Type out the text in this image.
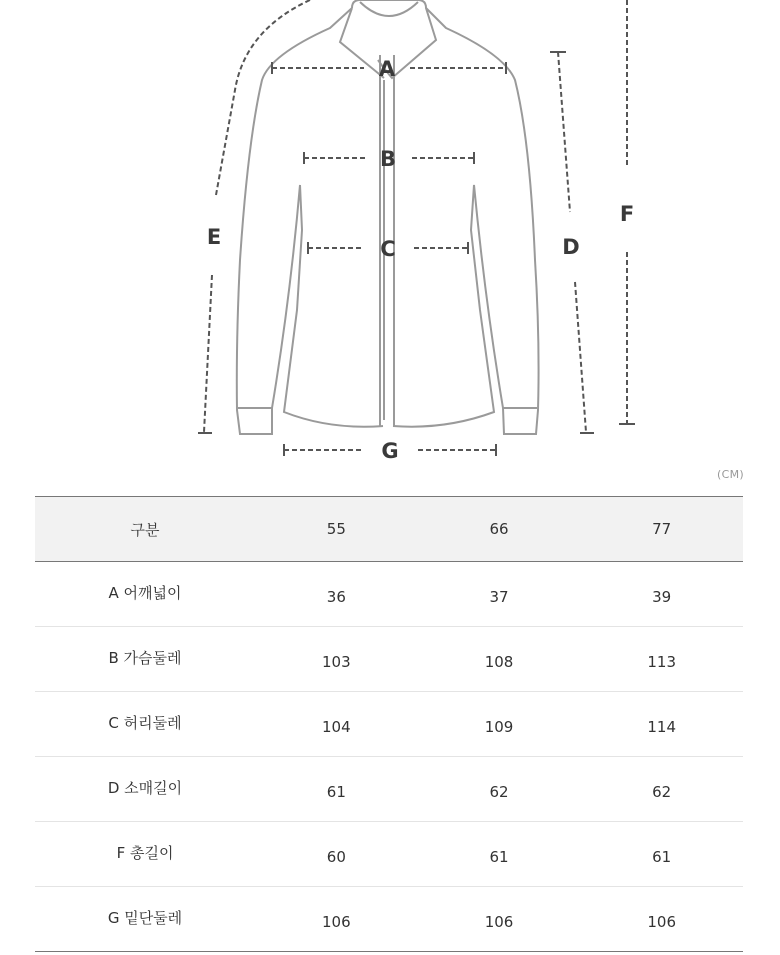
A
B
C	D
E
F
G
(CM)
구분	55	66	77
A 어깨넓이	36	37	39
B 가슴둘레	103	108	113
C 허리둘레	104	109	114
D 소매길이	61	62	62
F 총길이	60	61	61
G 밑단둘레	106	106	106
